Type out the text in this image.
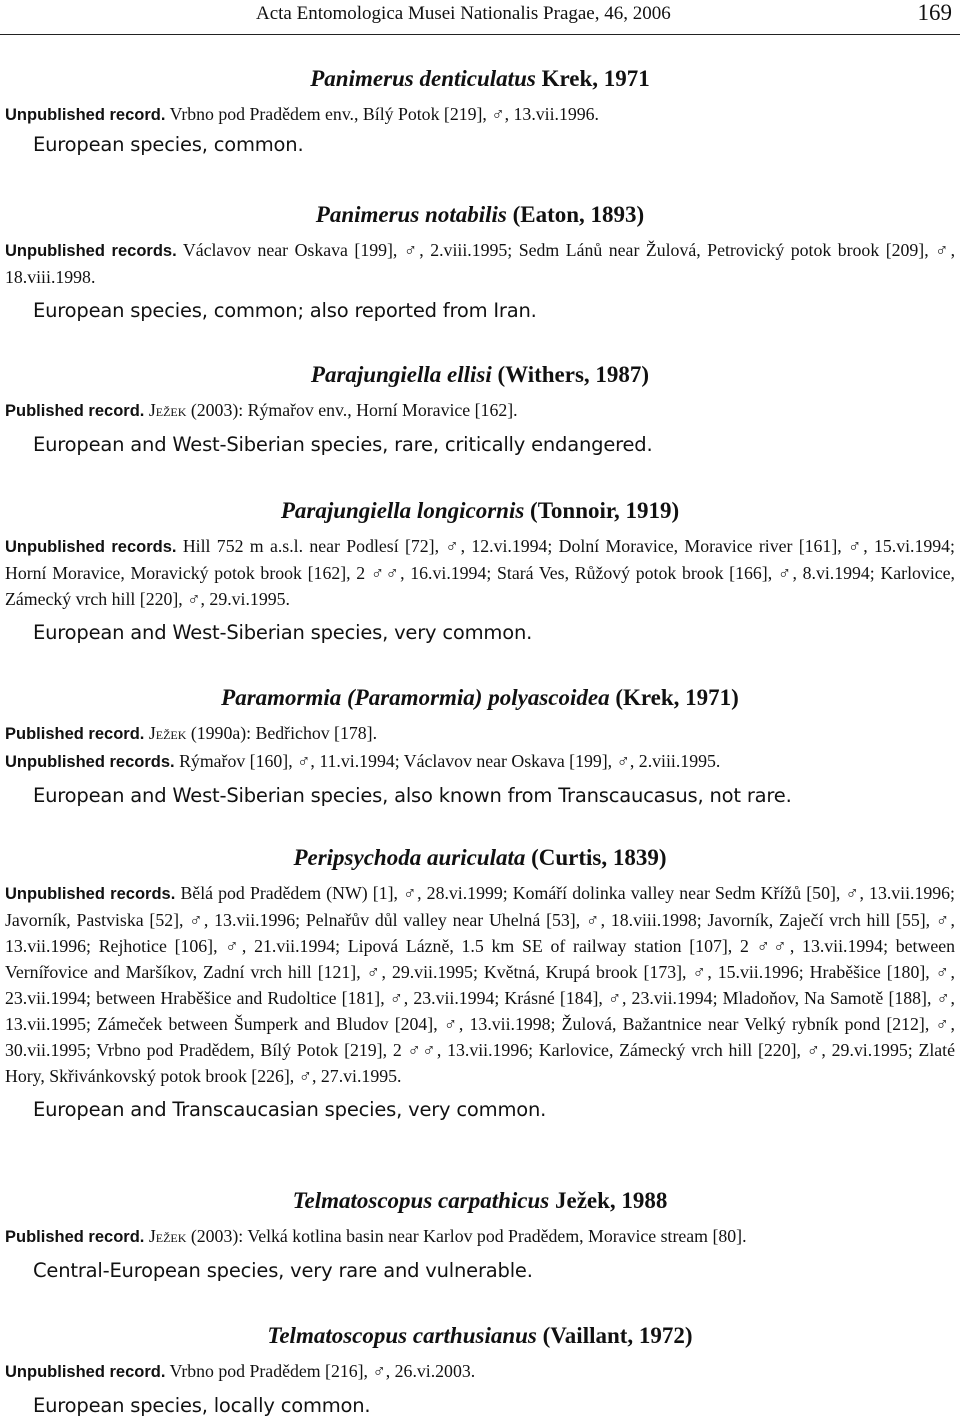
Acta Entomologica Musei Nationalis Pragae, 46, 2006	169
Panimerus denticulatus Krek, 1971
Unpublished record. Vrbno pod Pradědem env., Bílý Potok [219], ♂, 13.vii.1996.
European species, common.
Panimerus notabilis (Eaton, 1893)
Unpublished records. Václavov near Oskava [199], ♂, 2.viii.1995; Sedm Lánů near Žulová, Petrovický potok brook [209], ♂, 18.viii.1998.
European species, common; also reported from Iran.
Parajungiella ellisi (Withers, 1987)
Published record. Ježek (2003): Rýmařov env., Horní Moravice [162].
European and West-Siberian species, rare, critically endangered.
Parajungiella longicornis (Tonnoir, 1919)
Unpublished records. Hill 752 m a.s.l. near Podlesí [72], ♂, 12.vi.1994; Dolní Moravice, Moravice river [161], ♂, 15.vi.1994; Horní Moravice, Moravický potok brook [162], 2 ♂♂, 16.vi.1994; Stará Ves, Růžový potok brook [166], ♂, 8.vi.1994; Karlovice, Zámecký vrch hill [220], ♂, 29.vi.1995.
European and West-Siberian species, very common.
Paramormia (Paramormia) polyascoidea (Krek, 1971)
Published record. Ježek (1990a): Bedřichov [178].
Unpublished records. Rýmařov [160], ♂, 11.vi.1994; Václavov near Oskava [199], ♂, 2.viii.1995.
European and West-Siberian species, also known from Transcaucasus, not rare.
Peripsychoda auriculata (Curtis, 1839)
Unpublished records. Bělá pod Pradědem (NW) [1], ♂, 28.vi.1999; Komáří dolinka valley near Sedm Křížů [50], ♂, 13.vii.1996; Javorník, Pastviska [52], ♂, 13.vii.1996; Pelnařův důl valley near Uhelná [53], ♂, 18.viii.1998; Javorník, Zaječí vrch hill [55], ♂, 13.vii.1996; Rejhotice [106], ♂, 21.vii.1994; Lipová Lázně, 1.5 km SE of railway station [107], 2 ♂♂, 13.vii.1994; between Vernířovice and Maršíkov, Zadní vrch hill [121], ♂, 29.vii.1995; Květná, Krupá brook [173], ♂, 15.vii.1996; Hraběšice [180], ♂, 23.vii.1994; between Hraběšice and Rudoltice [181], ♂, 23.vii.1994; Krásné [184], ♂, 23.vii.1994; Mladoňov, Na Samotě [188], ♂, 13.vii.1995; Zámeček between Šumperk and Bludov [204], ♂, 13.vii.1998; Žulová, Bažantnice near Velký rybník pond [212], ♂, 30.vii.1995; Vrbno pod Pradědem, Bílý Potok [219], 2 ♂♂, 13.vii.1996; Karlovice, Zámecký vrch hill [220], ♂, 29.vi.1995; Zlaté Hory, Skřivánkovský potok brook [226], ♂, 27.vi.1995.
European and Transcaucasian species, very common.
Telmatoscopus carpathicus Ježek, 1988
Published record. Ježek (2003): Velká kotlina basin near Karlov pod Pradědem, Moravice stream [80].
Central-European species, very rare and vulnerable.
Telmatoscopus carthusianus (Vaillant, 1972)
Unpublished record. Vrbno pod Pradědem [216], ♂, 26.vi.2003.
European species, locally common.
